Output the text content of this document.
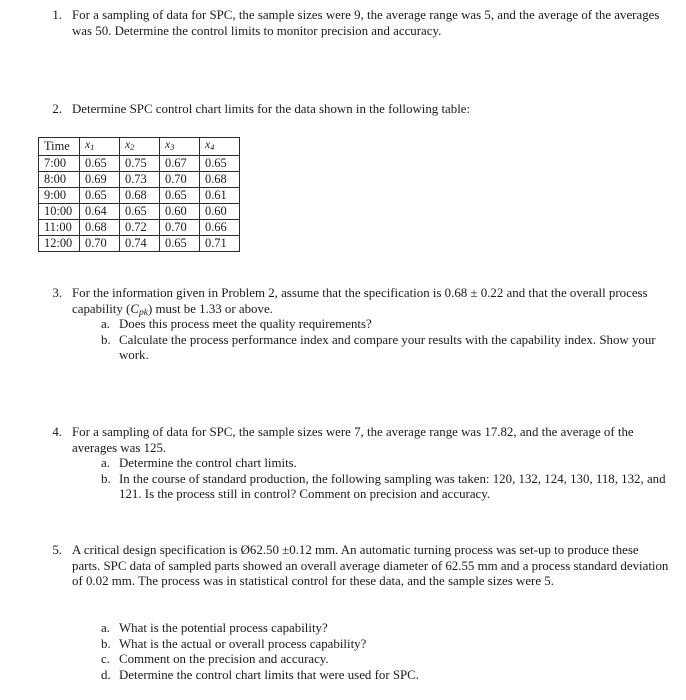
1. For a sampling of data for SPC, the sample sizes were 9, the average range was 5, and the average of the averages was 50. Determine the control limits to monitor precision and accuracy.

2. Determine SPC control chart limits for the data shown in the following table:

Time	$x_1$	$x_2$	$x_3$	$x_4$
7:00	0.65	0.75	0.67	0.65
8:00	0.69	0.73	0.70	0.68
9:00	0.65	0.68	0.65	0.61
10:00	0.64	0.65	0.60	0.60
11:00	0.68	0.72	0.70	0.66
12:00	0.70	0.74	0.65	0.71
3. For the information given in Problem 2, assume that the specification is 0.68 ± 0.22 and that the overall process capability $(C_{pk})$ must be 1.33 or above.

a. Does this process meet the quality requirements?
b. Calculate the process performance index and compare your results with the capability index. Show your work.
4. For a sampling of data for SPC, the sample sizes were 7, the average range was 17.82, and the average of the averages was 125.

a. Determine the control chart limits.
b. In the course of standard production, the following sampling was taken: 120, 132, 124, 130, 118, 132, and 121. Is the process still in control? Comment on precision and accuracy.
5. A critical design specification is Ø62.50 ±0.12 mm. An automatic turning process was set-up to produce these parts. SPC data of sampled parts showed an overall average diameter of 62.55 mm and a process standard deviation of 0.02 mm. The process was in statistical control for these data, and the sample sizes were 5.

a. What is the potential process capability?
b. What is the actual or overall process capability?
c. Comment on the precision and accuracy.
d. Determine the control chart limits that were used for SPC.
